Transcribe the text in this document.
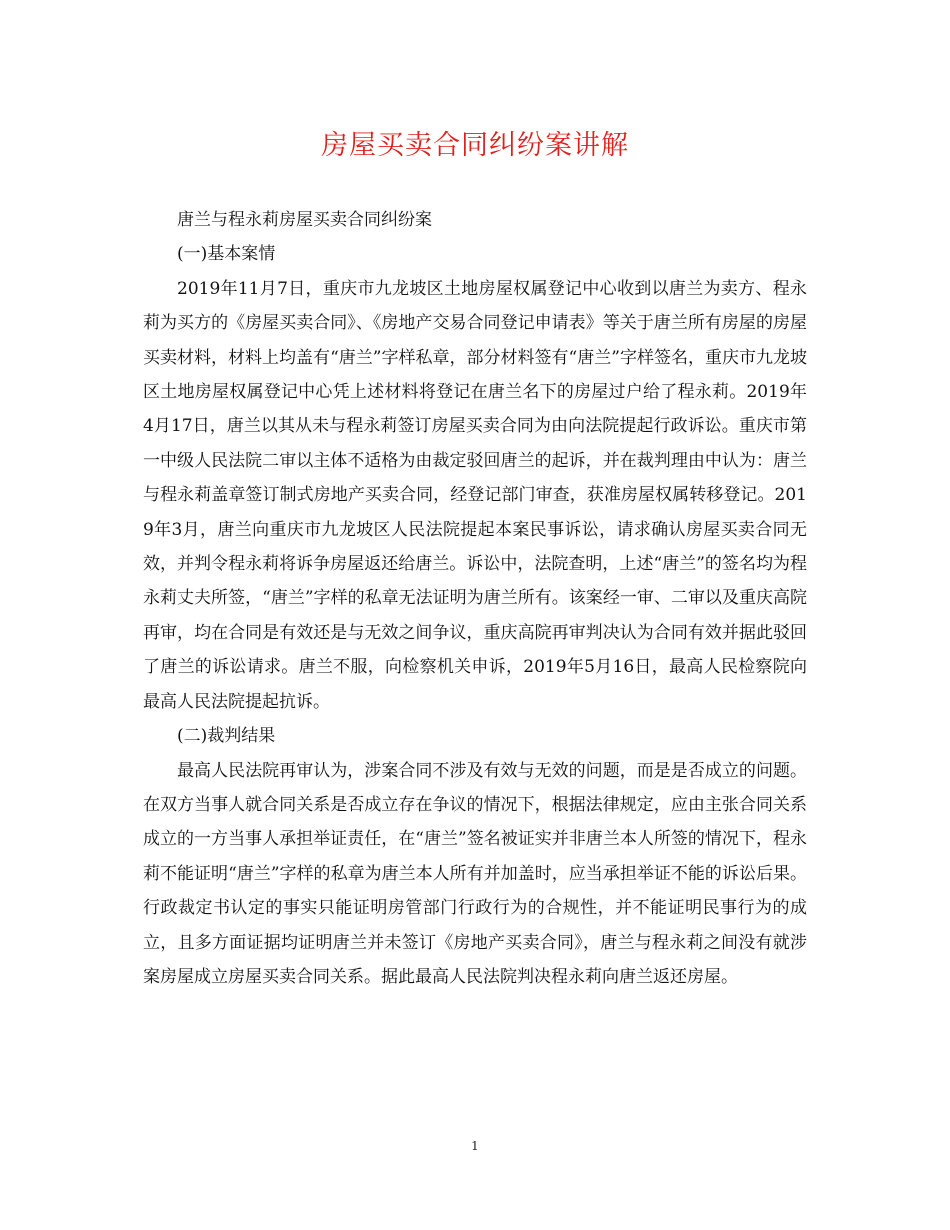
房屋买卖合同纠纷案讲解

唐兰与程永莉房屋买卖合同纠纷案

(一)基本案情

2019年11月7日，重庆市九龙坡区土地房屋权属登记中心收到以唐兰为卖方、程永莉为买方的《房屋买卖合同》、《房地产交易合同登记申请表》等关于唐兰所有房屋的房屋买卖材料，材料上均盖有“唐兰”字样私章，部分材料签有“唐兰”字样签名，重庆市九龙坡区土地房屋权属登记中心凭上述材料将登记在唐兰名下的房屋过户给了程永莉。2019年4月17日，唐兰以其从未与程永莉签订房屋买卖合同为由向法院提起行政诉讼。重庆市第一中级人民法院二审以主体不适格为由裁定驳回唐兰的起诉，并在裁判理由中认为：唐兰与程永莉盖章签订制式房地产买卖合同，经登记部门审查，获准房屋权属转移登记。2019年3月，唐兰向重庆市九龙坡区人民法院提起本案民事诉讼，请求确认房屋买卖合同无效，并判令程永莉将诉争房屋返还给唐兰。诉讼中，法院查明，上述“唐兰”的签名均为程永莉丈夫所签，“唐兰”字样的私章无法证明为唐兰所有。该案经一审、二审以及重庆高院再审，均在合同是有效还是与无效之间争议，重庆高院再审判决认为合同有效并据此驳回了唐兰的诉讼请求。唐兰不服，向检察机关申诉，2019年5月16日，最高人民检察院向最高人民法院提起抗诉。

(二)裁判结果

最高人民法院再审认为，涉案合同不涉及有效与无效的问题，而是是否成立的问题。在双方当事人就合同关系是否成立存在争议的情况下，根据法律规定，应由主张合同关系成立的一方当事人承担举证责任，在“唐兰”签名被证实并非唐兰本人所签的情况下，程永莉不能证明“唐兰”字样的私章为唐兰本人所有并加盖时，应当承担举证不能的诉讼后果。行政裁定书认定的事实只能证明房管部门行政行为的合规性，并不能证明民事行为的成立，且多方面证据均证明唐兰并未签订《房地产买卖合同》，唐兰与程永莉之间没有就涉案房屋成立房屋买卖合同关系。据此最高人民法院判决程永莉向唐兰返还房屋。

1
